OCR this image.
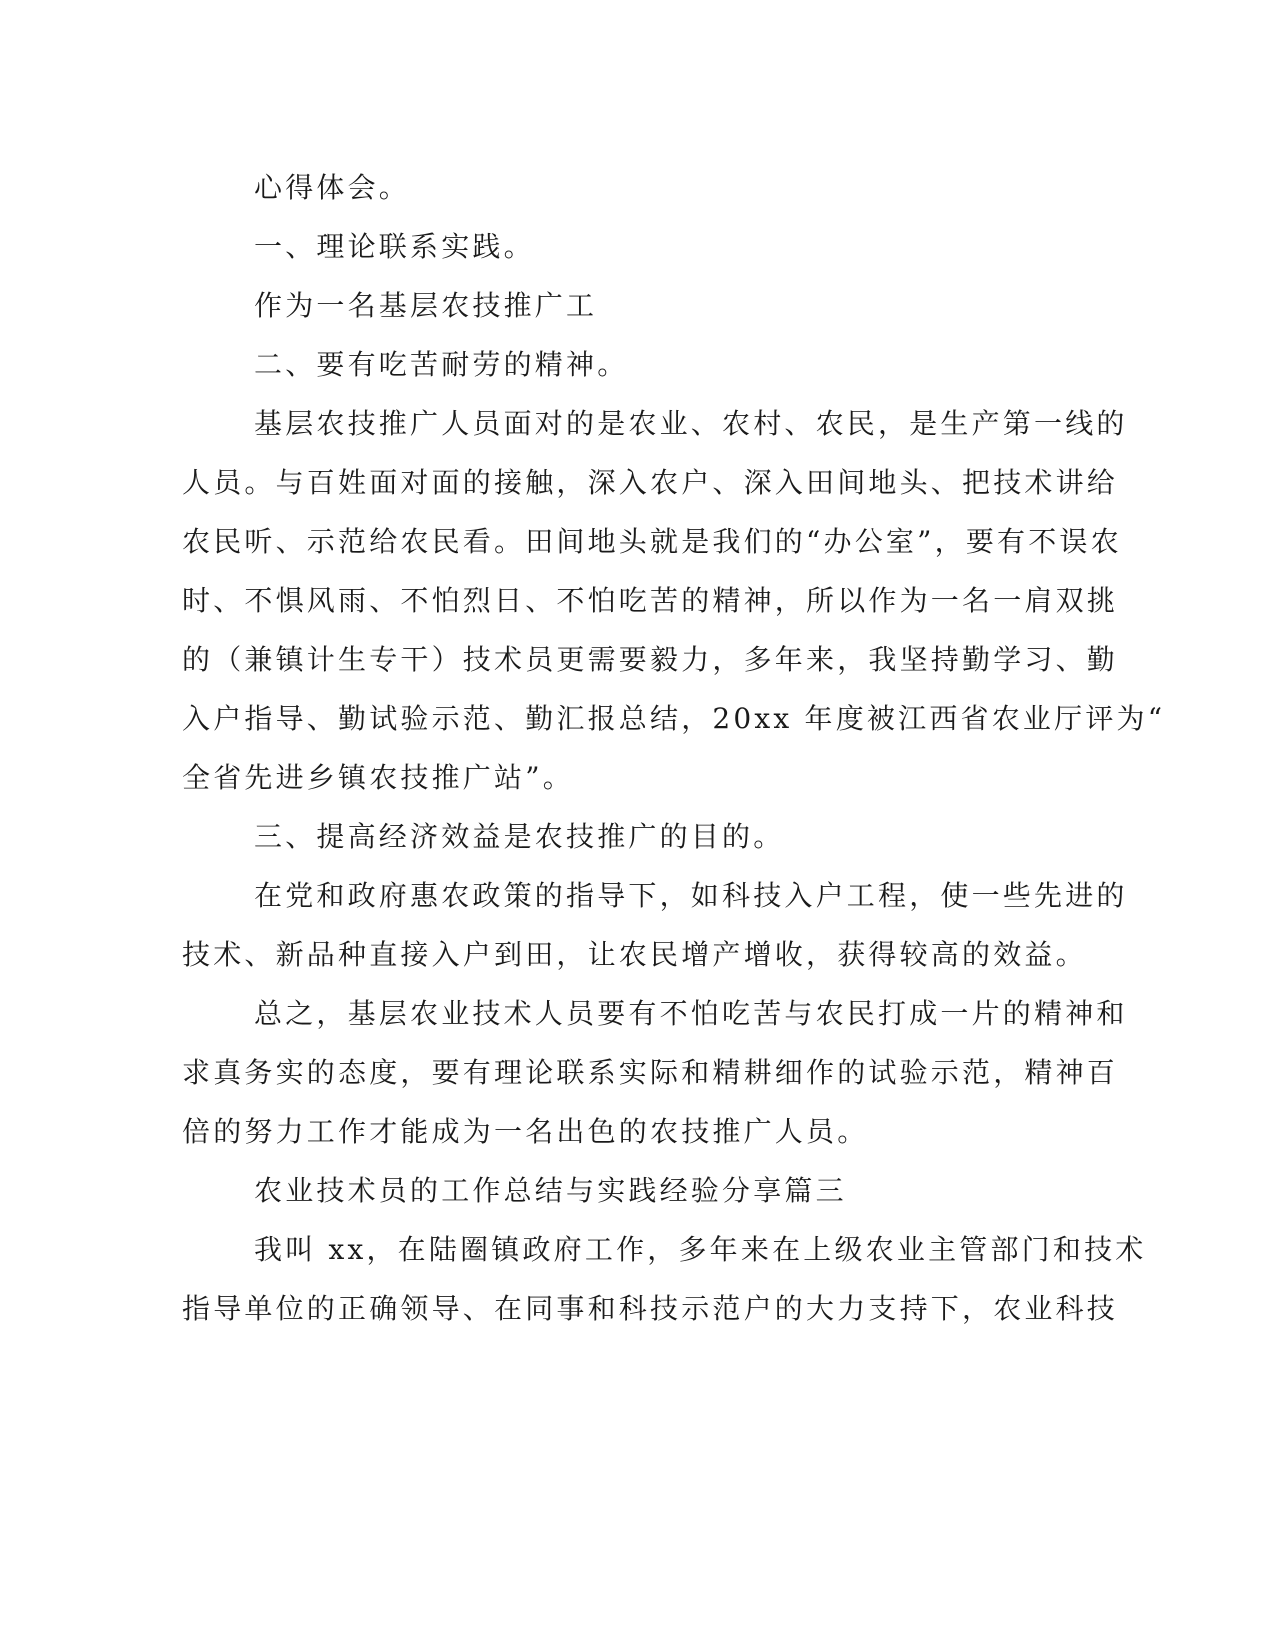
心得体会。

一、理论联系实践。

作为一名基层农技推广工

二、要有吃苦耐劳的精神。

基层农技推广人员面对的是农业、农村、农民，是生产第一线的
人员。与百姓面对面的接触，深入农户、深入田间地头、把技术讲给
农民听、示范给农民看。田间地头就是我们的“办公室”，要有不误农
时、不惧风雨、不怕烈日、不怕吃苦的精神，所以作为一名一肩双挑
的（兼镇计生专干）技术员更需要毅力，多年来，我坚持勤学习、勤
入户指导、勤试验示范、勤汇报总结，20xx 年度被江西省农业厅评为“
全省先进乡镇农技推广站”。

三、提高经济效益是农技推广的目的。

在党和政府惠农政策的指导下，如科技入户工程，使一些先进的
技术、新品种直接入户到田，让农民增产增收，获得较高的效益。

总之，基层农业技术人员要有不怕吃苦与农民打成一片的精神和
求真务实的态度，要有理论联系实际和精耕细作的试验示范，精神百
倍的努力工作才能成为一名出色的农技推广人员。

农业技术员的工作总结与实践经验分享篇三

我叫 xx，在陆圈镇政府工作，多年来在上级农业主管部门和技术
指导单位的正确领导、在同事和科技示范户的大力支持下，农业科技
